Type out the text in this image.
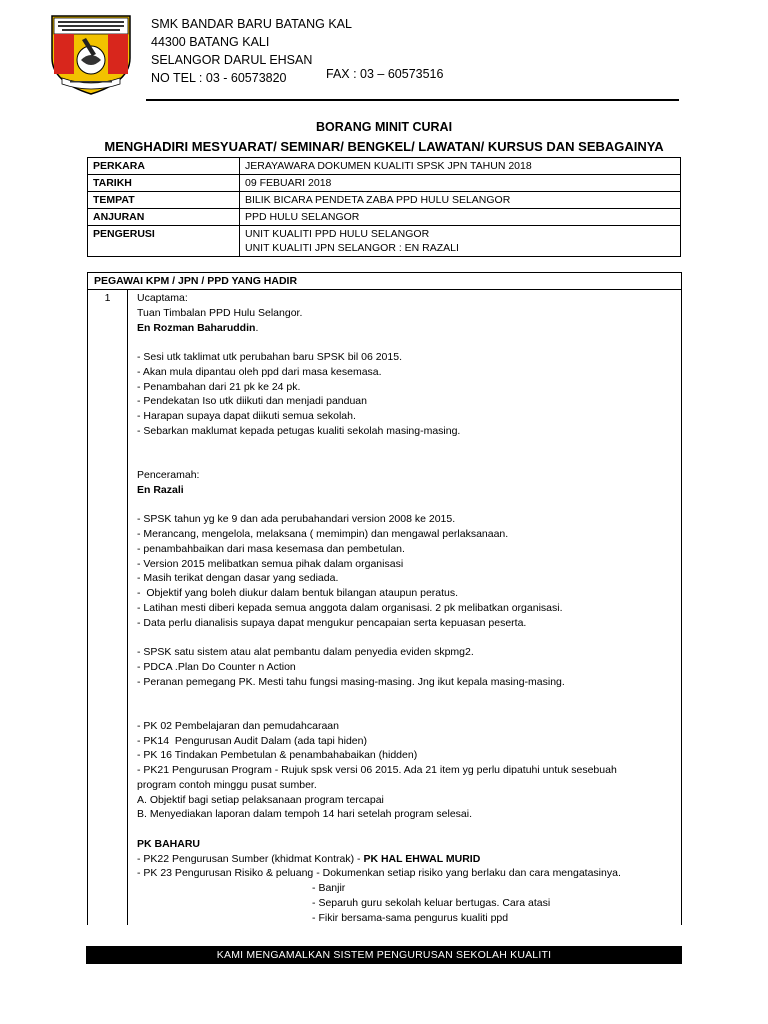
SMK BANDAR BARU BATANG KAL
44300 BATANG KALI
SELANGOR DARUL EHSAN
NO TEL : 03 - 60573820	FAX : 03 – 60573516
BORANG MINIT CURAI
MENGHADIRI MESYUARAT/ SEMINAR/ BENGKEL/ LAWATAN/ KURSUS DAN SEBAGAINYA
PERKARA	JERAYAWARA DOKUMEN KUALITI SPSK JPN TAHUN 2018
TARIKH	09 FEBUARI 2018
TEMPAT	BILIK BICARA PENDETA ZABA PPD HULU SELANGOR
ANJURAN	PPD HULU SELANGOR
PENGERUSI	UNIT KUALITI PPD HULU SELANGOR
UNIT KUALITI JPN SELANGOR : EN RAZALI
PEGAWAI KPM / JPN / PPD YANG HADIR
1	Ucaptama:
Tuan Timbalan PPD Hulu Selangor.
En Rozman Baharuddin.
- Sesi utk taklimat utk perubahan baru SPSK bil 06 2015.
- Akan mula dipantau oleh ppd dari masa kesemasa.
- Penambahan dari 21 pk ke 24 pk.
- Pendekatan Iso utk diikuti dan menjadi panduan
- Harapan supaya dapat diikuti semua sekolah.
- Sebarkan maklumat kepada petugas kualiti sekolah masing-masing.
Penceramah:
En Razali
- SPSK tahun yg ke 9 dan ada perubahandari version 2008 ke 2015.
- Merancang, mengelola, melaksana ( memimpin) dan mengawal perlaksanaan.
- penambahbaikan dari masa kesemasa dan pembetulan.
- Version 2015 melibatkan semua pihak dalam organisasi
- Masih terikat dengan dasar yang sediada.
-  Objektif yang boleh diukur dalam bentuk bilangan ataupun peratus.
- Latihan mesti diberi kepada semua anggota dalam organisasi. 2 pk melibatkan organisasi.
- Data perlu dianalisis supaya dapat mengukur pencapaian serta kepuasan peserta.
- SPSK satu sistem atau alat pembantu dalam penyedia eviden skpmg2.
- PDCA .Plan Do Counter n Action
- Peranan pemegang PK. Mesti tahu fungsi masing-masing. Jng ikut kepala masing-masing.
- PK 02 Pembelajaran dan pemudahcaraan
- PK14  Pengurusan Audit Dalam (ada tapi hiden)
- PK 16 Tindakan Pembetulan & penambahabaikan (hidden)
- PK21 Pengurusan Program - Rujuk spsk versi 06 2015. Ada 21 item yg perlu dipatuhi untuk sesebuah
program contoh minggu pusat sumber.
A. Objektif bagi setiap pelaksanaan program tercapai
B. Menyediakan laporan dalam tempoh 14 hari setelah program selesai.
PK BAHARU
- PK22 Pengurusan Sumber (khidmat Kontrak) - PK HAL EHWAL MURID
- PK 23 Pengurusan Risiko & peluang - Dokumenkan setiap risiko yang berlaku dan cara mengatasinya.
- Banjir
- Separuh guru sekolah keluar bertugas. Cara atasi
- Fikir bersama-sama pengurus kualiti ppd
KAMI MENGAMALKAN SISTEM PENGURUSAN SEKOLAH KUALITI
